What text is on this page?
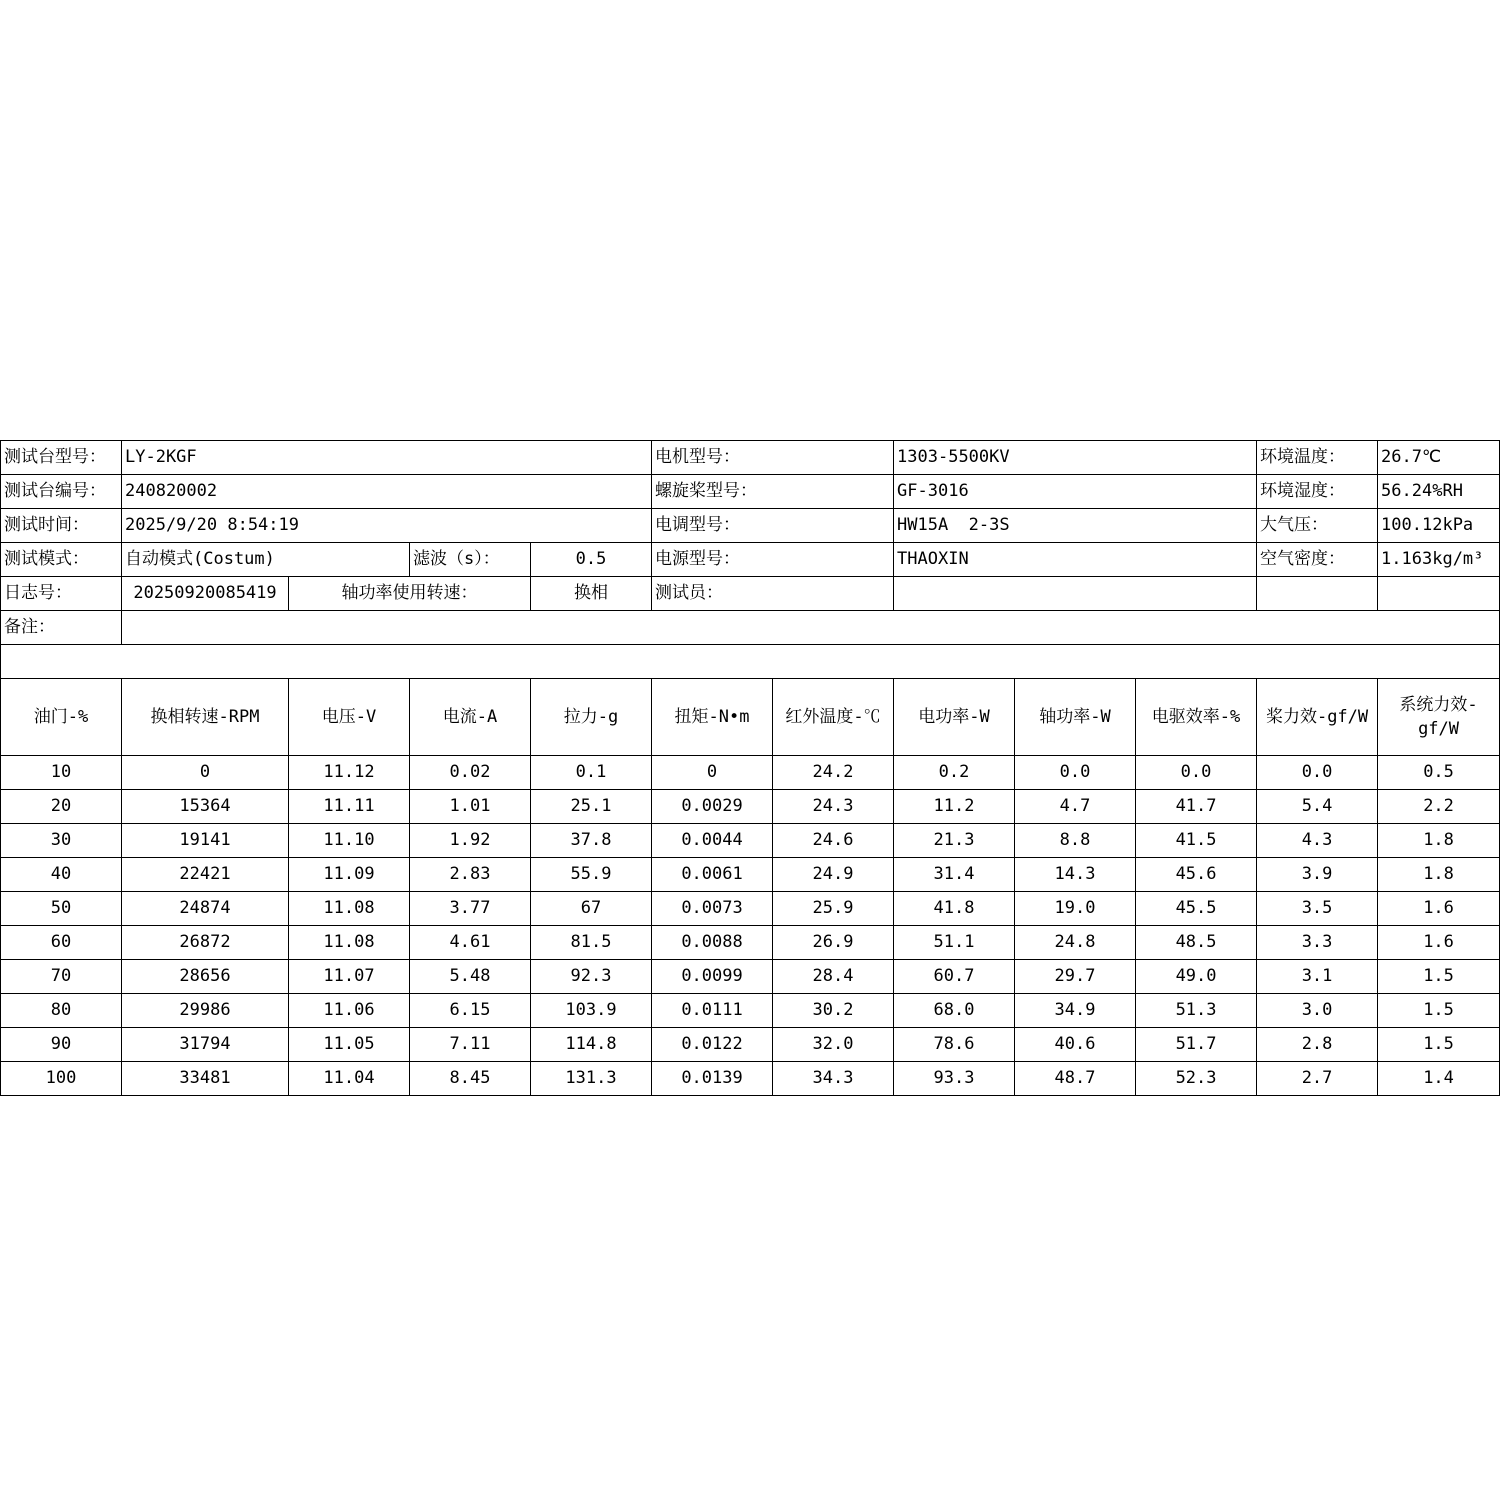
测试台型号：	LY-2KGF				电机型号：		1303-5500KV			环境温度：	26.7℃
测试台编号：	240820002				螺旋桨型号：		GF-3016			环境湿度：	56.24%RH
测试时间：	2025/9/20 8:54:19				电调型号：		HW15A  2-3S			大气压：	100.12kPa
测试模式：	自动模式(Costum)		滤波（s）：	0.5	电源型号：		THAOXIN			空气密度：	1.163kg/m³
日志号：	20250920085419	轴功率使用转速：		换相	测试员：						
备注：											

油门-%	换相转速-RPM	电压-V	电流-A	拉力-g	扭矩-N•m	红外温度-℃	电功率-W	轴功率-W	电驱效率-%	桨力效-gf/W	系统力效-gf/W
10	0	11.12	0.02	0.1	0	24.2	0.2	0.0	0.0	0.0	0.5
20	15364	11.11	1.01	25.1	0.0029	24.3	11.2	4.7	41.7	5.4	2.2
30	19141	11.10	1.92	37.8	0.0044	24.6	21.3	8.8	41.5	4.3	1.8
40	22421	11.09	2.83	55.9	0.0061	24.9	31.4	14.3	45.6	3.9	1.8
50	24874	11.08	3.77	67	0.0073	25.9	41.8	19.0	45.5	3.5	1.6
60	26872	11.08	4.61	81.5	0.0088	26.9	51.1	24.8	48.5	3.3	1.6
70	28656	11.07	5.48	92.3	0.0099	28.4	60.7	29.7	49.0	3.1	1.5
80	29986	11.06	6.15	103.9	0.0111	30.2	68.0	34.9	51.3	3.0	1.5
90	31794	11.05	7.11	114.8	0.0122	32.0	78.6	40.6	51.7	2.8	1.5
100	33481	11.04	8.45	131.3	0.0139	34.3	93.3	48.7	52.3	2.7	1.4
